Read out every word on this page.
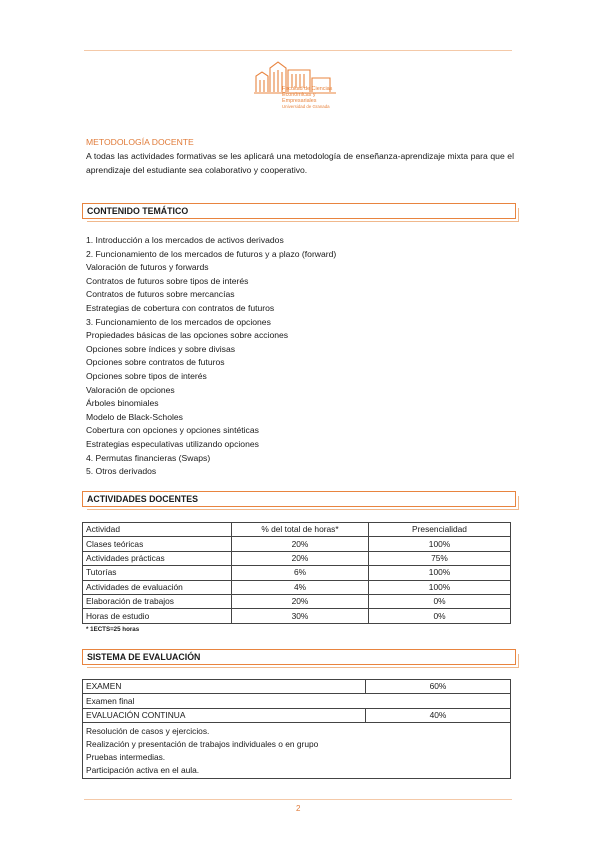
Facultad de Ciencias
Económicas y Empresariales
Universidad de Granada
METODOLOGÍA DOCENTE
A todas las actividades formativas se les aplicará una metodología de enseñanza-aprendizaje mixta para que el aprendizaje del estudiante sea colaborativo y cooperativo.
CONTENIDO TEMÁTICO
1. Introducción a los mercados de activos derivados
2. Funcionamiento de los mercados de futuros y a plazo (forward)
Valoración de futuros y forwards
Contratos de futuros sobre tipos de interés
Contratos de futuros sobre mercancías
Estrategias de cobertura con contratos de futuros
3. Funcionamiento de los mercados de opciones
Propiedades básicas de las opciones sobre acciones
Opciones sobre índices y sobre divisas
Opciones sobre contratos de futuros
Opciones sobre tipos de interés
Valoración de opciones
Árboles binomiales
Modelo de Black-Scholes
Cobertura con opciones y opciones sintéticas
Estrategias especulativas utilizando opciones
4. Permutas financieras (Swaps)
5. Otros derivados
ACTIVIDADES DOCENTES
Actividad	% del total de horas*	Presencialidad
Clases teóricas	20%	100%
Actividades prácticas	20%	75%
Tutorías	6%	100%
Actividades de evaluación	4%	100%
Elaboración de trabajos	20%	0%
Horas de estudio	30%	0%
* 1ECTS=25 horas
SISTEMA DE EVALUACIÓN
EXAMEN	60%
Examen final	
EVALUACIÓN CONTINUA	40%

Resolución de casos y ejercicios.
Realización y presentación de trabajos individuales o en grupo
Pruebas intermedias.
Participación activa en el aula.	
2
